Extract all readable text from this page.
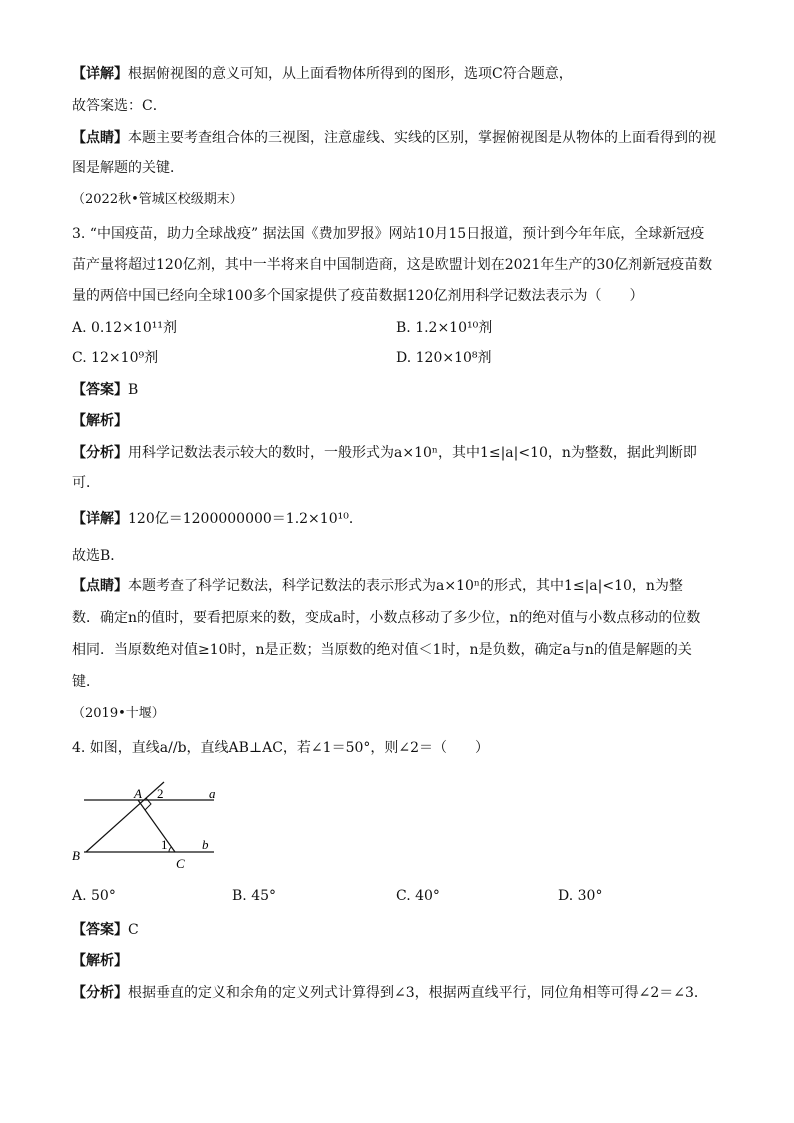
【详解】根据俯视图的意义可知，从上面看物体所得到的图形，选项C符合题意，
故答案选：C．
【点睛】本题主要考查组合体的三视图，注意虚线、实线的区别，掌握俯视图是从物体的上面看得到的视
图是解题的关键．
（2022秋•管城区校级期末）
3. “中国疫苗，助力全球战疫” 据法国《费加罗报》网站10月15日报道，预计到今年年底，全球新冠疫
苗产量将超过120亿剂，其中一半将来自中国制造商，这是欧盟计划在2021年生产的30亿剂新冠疫苗数
量的两倍中国已经向全球100多个国家提供了疫苗数据120亿剂用科学记数法表示为（　　）
A. 0.12×10¹¹剂	B. 1.2×10¹⁰剂
C. 12×10⁹剂	D. 120×10⁸剂
【答案】B
【解析】
【分析】用科学记数法表示较大的数时，一般形式为a×10ⁿ，其中1≤|a|<10，n为整数，据此判断即
可．
【详解】120亿＝1200000000＝1.2×10¹⁰．
故选B．
【点睛】本题考查了科学记数法，科学记数法的表示形式为a×10ⁿ的形式，其中1≤|a|<10，n为整
数．确定n的值时，要看把原来的数，变成a时，小数点移动了多少位，n的绝对值与小数点移动的位数
相同．当原数绝对值≥10时，n是正数；当原数的绝对值＜1时，n是负数，确定a与n的值是解题的关
键．
（2019•十堰）
4. 如图，直线a//b，直线AB⊥AC，若∠1＝50°，则∠2＝（　　）
A 2	a
B
1	b
C
A. 50°	B. 45°	C. 40°	D. 30°
【答案】C
【解析】
【分析】根据垂直的定义和余角的定义列式计算得到∠3，根据两直线平行，同位角相等可得∠2＝∠3．
